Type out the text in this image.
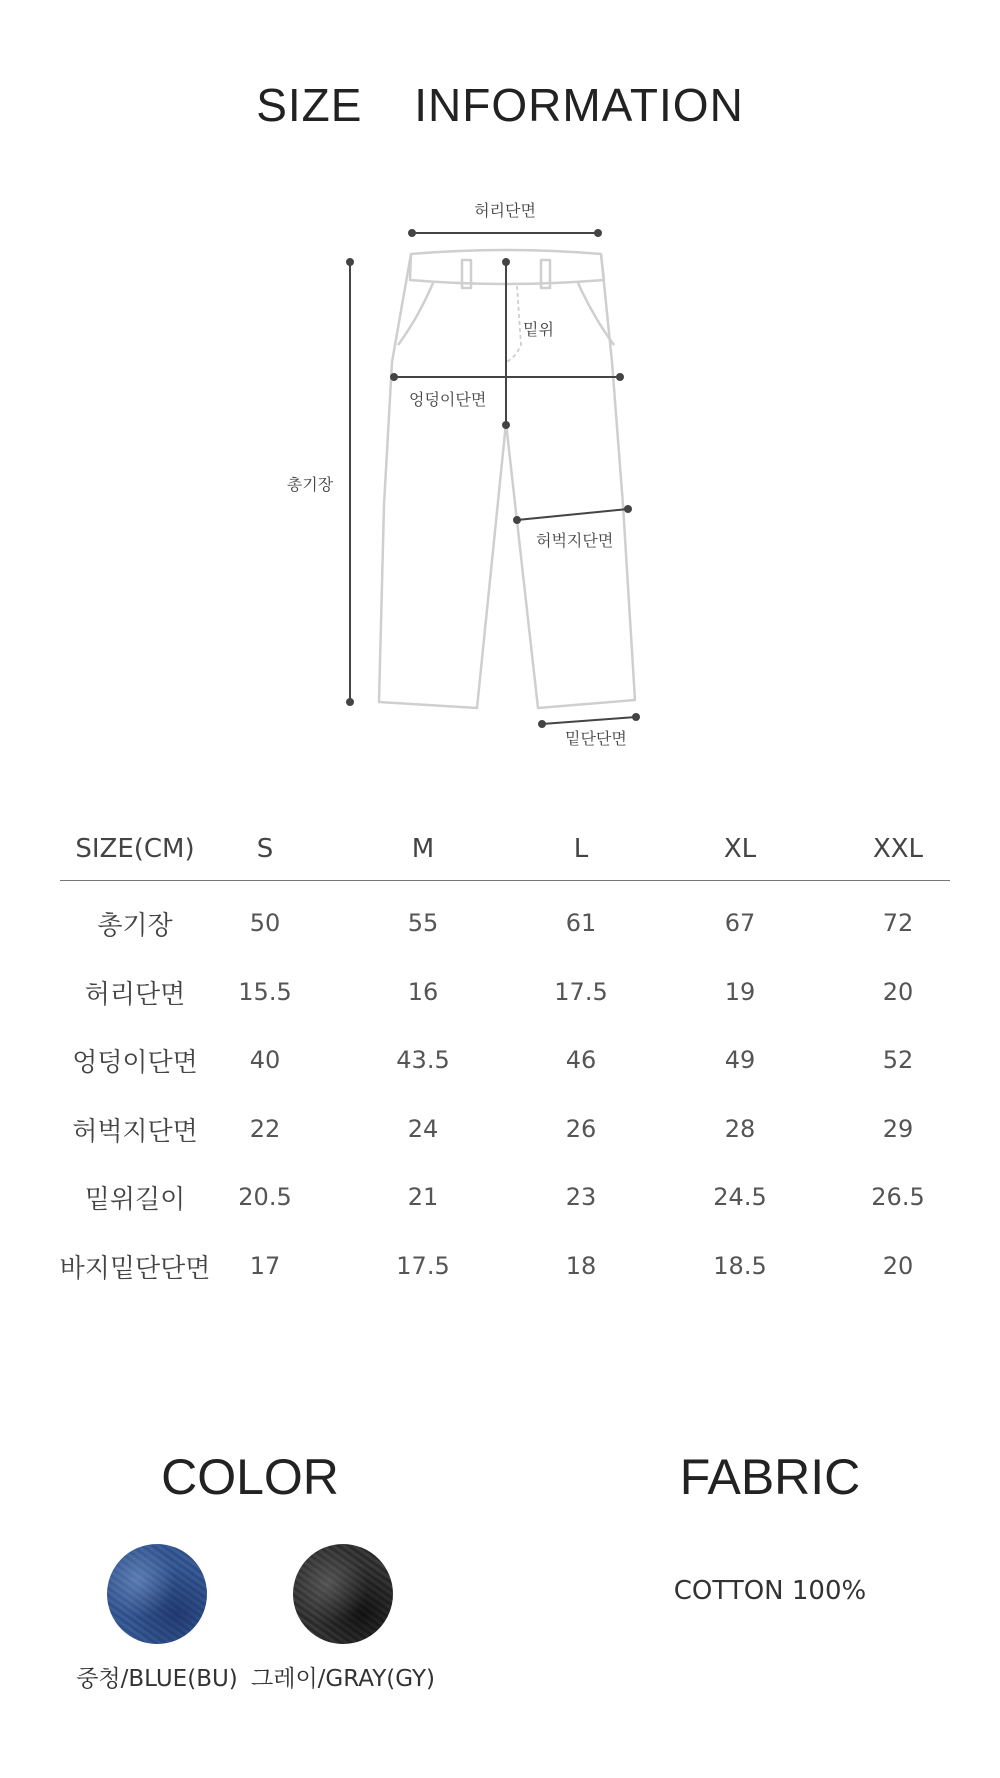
SIZE INFORMATION
허리단면
밑위
엉덩이단면
총기장
허벅지단면
밑단단면
SIZE(CM)	S	M	L	XL	XXL
총기장	50	55	61	67	72
허리단면	15.5	16	17.5	19	20
엉덩이단면	40	43.5	46	49	52
허벅지단면	22	24	26	28	29
밑위길이	20.5	21	23	24.5	26.5
바지밑단단면	17	17.5	18	18.5	20
COLOR	FABRIC
중청/BLUE(BU) 그레이/GRAY(GY)
COTTON 100%
